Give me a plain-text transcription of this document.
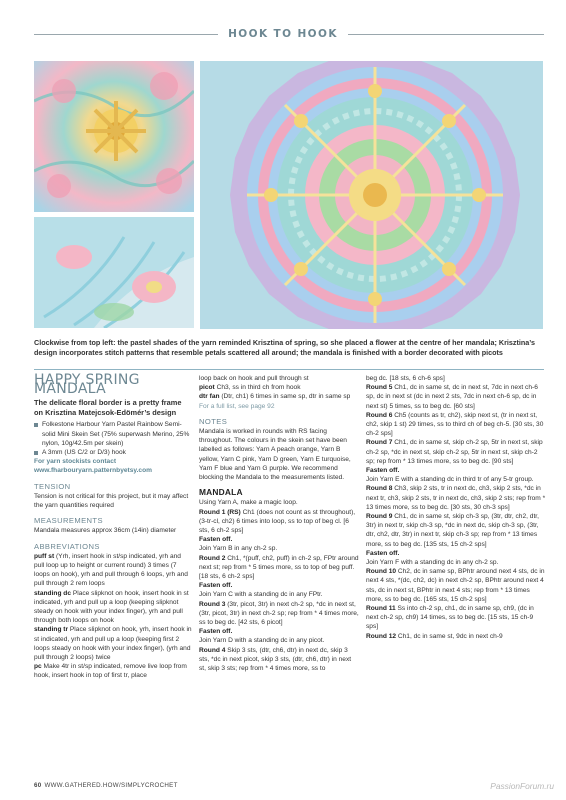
HOOK TO HOOK
Clockwise from top left: the pastel shades of the yarn reminded Krisztina of spring, so she placed a flower at the centre of her mandala; Krisztina’s design incorporates stitch patterns that resemble petals scattered all around; the mandala is finished with a border decorated with picots
HAPPY SPRING MANDALA

The delicate floral border is a pretty frame on Krisztina Matejcsok-Edömér’s design

Folkestone Harbour Yarn Pastel Rainbow Semi-solid Mini Skein Set (75% superwash Merino, 25% nylon, 10g/42.5m per skein)
A 3mm (US C/2 or D/3) hook

For yarn stockists contact

www.fharbouryarn.patternbyetsy.com

TENSION

Tension is not critical for this project, but it may affect the yarn quantities required

MEASUREMENTS

Mandala measures approx 36cm (14in) diameter

ABBREVIATIONS

puff st (Yrh, insert hook in st/sp indicated, yrh and pull loop up to height or current round) 3 times (7 loops on hook), yrh and pull through 6 loops, yrh and pull through 2 rem loops

standing dc Place slipknot on hook, insert hook in st indicated, yrh and pull up a loop (keeping slipknot steady on hook with your index finger), yrh and pull through both loops on hook

standing tr Place slipknot on hook, yrh, insert hook in st indicated, yrh and pull up a loop (keeping first 2 loops steady on hook with your index finger), (yrh and pull through 2 loops) twice

pc Make 4tr in st/sp indicated, remove live loop from hook, insert hook in top of first tr, place

loop back on hook and pull through st

picot Ch3, ss in third ch from hook

dtr fan (Dtr, ch1) 6 times in same sp, dtr in same sp

For a full list, see page 92

NOTES

Mandala is worked in rounds with RS facing throughout. The colours in the skein set have been labelled as follows: Yarn A peach orange, Yarn B yellow, Yarn C pink, Yarn D green, Yarn E turquoise, Yarn F blue and Yarn G purple. We recommend blocking the Mandala to the measurements listed.

MANDALA

Using Yarn A, make a magic loop.

Round 1 (RS) Ch1 (does not count as st throughout), (3-tr-cl, ch2) 6 times into loop, ss to top of beg cl. [6 sts, 6 ch-2 sps]

Fasten off.

Join Yarn B in any ch-2 sp.

Round 2 Ch1, *(puff, ch2, puff) in ch-2 sp, FPtr around next st; rep from * 5 times more, ss to top of beg puff. [18 sts, 6 ch-2 sps]

Fasten off.

Join Yarn C with a standing dc in any FPtr.

Round 3 (3tr, picot, 3tr) in next ch-2 sp, *dc in next st, (3tr, picot, 3tr) in next ch-2 sp; rep from * 4 times more, ss to beg dc. [42 sts, 6 picot]

Fasten off.

Join Yarn D with a standing dc in any picot.

Round 4 Skip 3 sts, (dtr, ch6, dtr) in next dc, skip 3 sts, *dc in next picot, skip 3 sts, (dtr, ch6, dtr) in next st, skip 3 sts; rep from * 4 times more, ss to

beg dc. [18 sts, 6 ch-6 sps]

Round 5 Ch1, dc in same st, dc in next st, 7dc in next ch-6 sp, dc in next st (dc in next 2 sts, 7dc in next ch-6 sp, dc in next st) 5 times, ss to beg dc. [60 sts]

Round 6 Ch5 (counts as tr, ch2), skip next st, (tr in next st, ch2, skip 1 st) 29 times, ss to third ch of beg ch-5. [30 sts, 30 ch-2 sps]

Round 7 Ch1, dc in same st, skip ch-2 sp, 5tr in next st, skip ch-2 sp, *dc in next st, skip ch-2 sp, 5tr in next st, skip ch-2 sp; rep from * 13 times more, ss to beg dc. [90 sts]

Fasten off.

Join Yarn E with a standing dc in third tr of any 5-tr group.

Round 8 Ch3, skip 2 sts, tr in next dc, ch3, skip 2 sts, *dc in next tr, ch3, skip 2 sts, tr in next dc, ch3, skip 2 sts; rep from * 13 times more, ss to beg dc. [30 sts, 30 ch-3 sps]

Round 9 Ch1, dc in same st, skip ch-3 sp, (3tr, dtr, ch2, dtr, 3tr) in next tr, skip ch-3 sp, *dc in next dc, skip ch-3 sp, (3tr, dtr, ch2, dtr, 3tr) in next tr, skip ch-3 sp; rep from * 13 times more, ss to beg dc. [135 sts, 15 ch-2 sps]

Fasten off.

Join Yarn F with a standing dc in any ch-2 sp.

Round 10 Ch2, dc in same sp, BPhtr around next 4 sts, dc in next 4 sts, *(dc, ch2, dc) in next ch-2 sp, BPhtr around next 4 sts, dc in next st, BPhtr in next 4 sts; rep from * 13 times more, ss to beg dc. [165 sts, 15 ch-2 sps]

Round 11 Ss into ch-2 sp, ch1, dc in same sp, ch9, (dc in next ch-2 sp, ch9) 14 times, ss to beg dc. [15 sts, 15 ch-9 sps]

Round 12 Ch1, dc in same st, 9dc in next ch-9

60 WWW.GATHERED.HOW/SIMPLYCROCHET	PassionForum.ru
